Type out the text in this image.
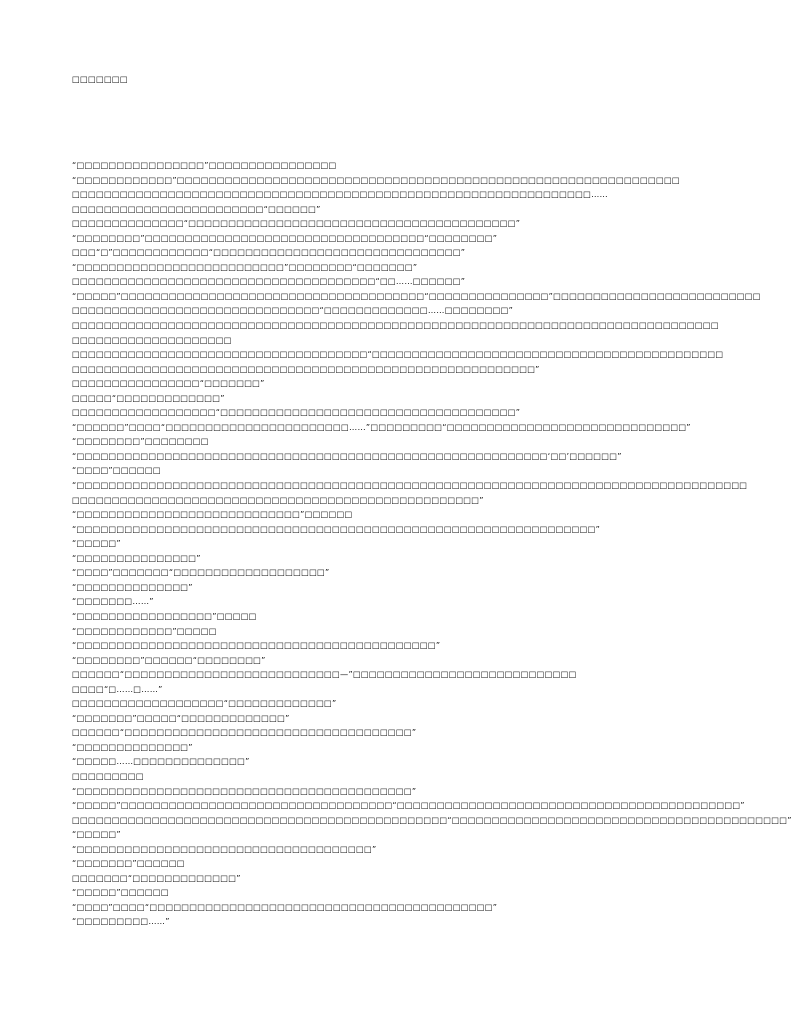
□□□□□□□

“□□□□□□□□□□□□□□□□”□□□□□□□□□□□□□□□□

“□□□□□□□□□□□□”□□□□□□□□□□□□□□□□□□□□□□□□□□□□□□□□□□□□□□□□□□□□□□□□□□□□□□□□□□□□□□□

□□□□□□□□□□□□□□□□□□□□□□□□□□□□□□□□□□□□□□□□□□□□□□□□□□□□□□□□□□□□□□□□□……

□□□□□□□□□□□□□□□□□□□□□□□□“□□□□□□”

□□□□□□□□□□□□□□“□□□□□□□□□□□□□□□□□□□□□□□□□□□□□□□□□□□□□□□□□”

“□□□□□□□□”□□□□□□□□□□□□□□□□□□□□□□□□□□□□□□□□□□□“□□□□□□□□”

□□□“□”□□□□□□□□□□□□“□□□□□□□□□□□□□□□□□□□□□□□□□□□□□□□”

“□□□□□□□□□□□□□□□□□□□□□□□□□□”□□□□□□□□“□□□□□□□”

□□□□□□□□□□□□□□□□□□□□□□□□□□□□□□□□□□□□□□“□□……□□□□□□”

“□□□□□”□□□□□□□□□□□□□□□□□□□□□□□□□□□□□□□□□□□□□□“□□□□□□□□□□□□□□□”□□□□□□□□□□□□□□□□□□□□□□□□□□

□□□□□□□□□□□□□□□□□□□□□□□□□□□□□□□“□□□□□□□□□□□□□……□□□□□□□□”

□□□□□□□□□□□□□□□□□□□□□□□□□□□□□□□□□□□□□□□□□□□□□□□□□□□□□□□□□□□□□□□□□□□□□□□□□□□□□□□□□

□□□□□□□□□□□□□□□□□□□□

□□□□□□□□□□□□□□□□□□□□□□□□□□□□□□□□□□□□□“□□□□□□□□□□□□□□□□□□□□□□□□□□□□□□□□□□□□□□□□□□□□

□□□□□□□□□□□□□□□□□□□□□□□□□□□□□□□□□□□□□□□□□□□□□□□□□□□□□□□□□□”

□□□□□□□□□□□□□□□□“□□□□□□□”

□□□□□“□□□□□□□□□□□□□”

□□□□□□□□□□□□□□□□□□“□□□□□□□□□□□□□□□□□□□□□□□□□□□□□□□□□□□□□”

“□□□□□□”□□□□“□□□□□□□□□□□□□□□□□□□□□□□……”□□□□□□□□□“□□□□□□□□□□□□□□□□□□□□□□□□□□□□□□”

“□□□□□□□□”□□□□□□□□

“□□□□□□□□□□□□□□□□□□□□□□□□□□□□□□□□□□□□□□□□□□□□□□□□□□□□□□□□□□□‘□□’□□□□□□”

“□□□□”□□□□□□

“□□□□□□□□□□□□□□□□□□□□□□□□□□□□□□□□□□□□□□□□□□□□□□□□□□□□□□□□□□□□□□□□□□□□□□□□□□□□□□□□□□□□

□□□□□□□□□□□□□□□□□□□□□□□□□□□□□□□□□□□□□□□□□□□□□□□□□□□”

“□□□□□□□□□□□□□□□□□□□□□□□□□□□□”□□□□□□

“□□□□□□□□□□□□□□□□□□□□□□□□□□□□□□□□□□□□□□□□□□□□□□□□□□□□□□□□□□□□□□□□□”

“□□□□□”

“□□□□□□□□□□□□□□□”

“□□□□”□□□□□□□“□□□□□□□□□□□□□□□□□□□”

“□□□□□□□□□□□□□□”

“□□□□□□□……”

“□□□□□□□□□□□□□□□□□”□□□□□

“□□□□□□□□□□□□”□□□□□

“□□□□□□□□□□□□□□□□□□□□□□□□□□□□□□□□□□□□□□□□□□□□□”

“□□□□□□□□”□□□□□□“□□□□□□□□”

□□□□□□“□□□□□□□□□□□□□□□□□□□□□□□□□□□—”□□□□□□□□□□□□□□□□□□□□□□□□□□□□

□□□□“□……□……”

□□□□□□□□□□□□□□□□□□□“□□□□□□□□□□□□□”

“□□□□□□□”□□□□□“□□□□□□□□□□□□□”

□□□□□□“□□□□□□□□□□□□□□□□□□□□□□□□□□□□□□□□□□□□”

“□□□□□□□□□□□□□□”

“□□□□□……□□□□□□□□□□□□□□”

□□□□□□□□□

“□□□□□□□□□□□□□□□□□□□□□□□□□□□□□□□□□□□□□□□□□□”

“□□□□□”□□□□□□□□□□□□□□□□□□□□□□□□□□□□□□□□□□“□□□□□□□□□□□□□□□□□□□□□□□□□□□□□□□□□□□□□□□□□□□”

□□□□□□□□□□□□□□□□□□□□□□□□□□□□□□□□□□□□□□□□□□□□□□□“□□□□□□□□□□□□□□□□□□□□□□□□□□□□□□□□□□□□□□□□□□”

“□□□□□”

“□□□□□□□□□□□□□□□□□□□□□□□□□□□□□□□□□□□□□”

“□□□□□□□”□□□□□□

□□□□□□□“□□□□□□□□□□□□□”

“□□□□□”□□□□□□

“□□□□”□□□□“□□□□□□□□□□□□□□□□□□□□□□□□□□□□□□□□□□□□□□□□□□□”

“□□□□□□□□□……”
